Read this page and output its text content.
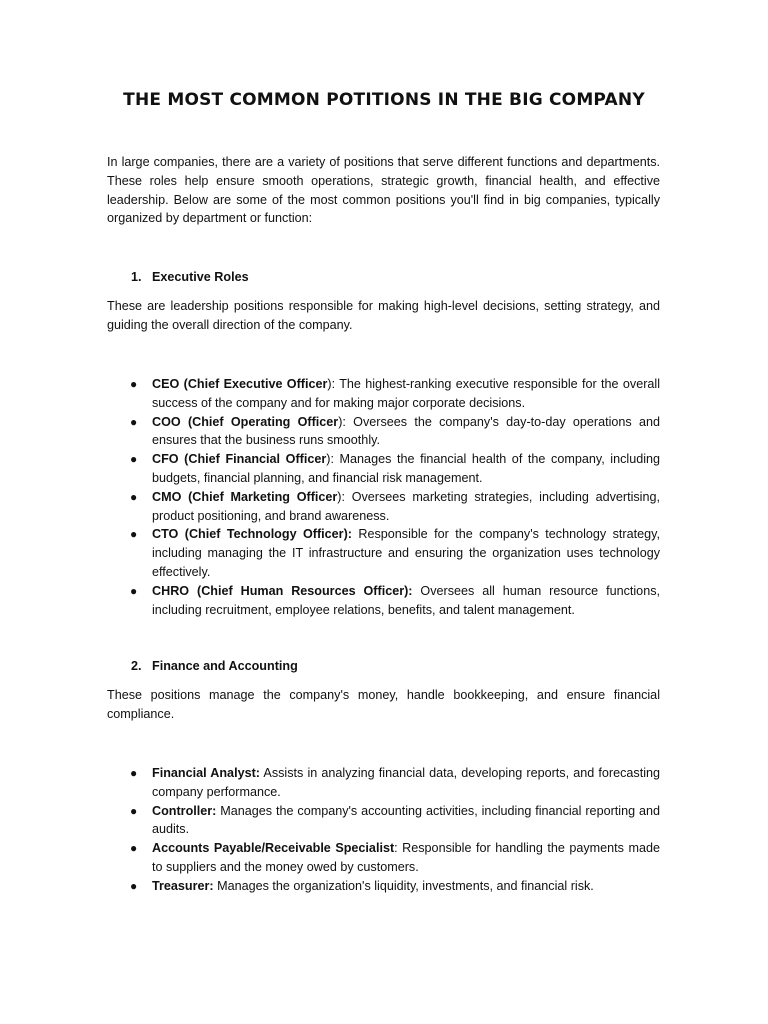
THE MOST COMMON POTITIONS IN THE BIG COMPANY

In large companies, there are a variety of positions that serve different functions and departments. These roles help ensure smooth operations, strategic growth, financial health, and effective leadership. Below are some of the most common positions you'll find in big companies, typically organized by department or function:

1. Executive Roles

These are leadership positions responsible for making high-level decisions, setting strategy, and guiding the overall direction of the company.

● CEO (Chief Executive Officer): The highest-ranking executive responsible for the overall success of the company and for making major corporate decisions.
● COO (Chief Operating Officer): Oversees the company's day-to-day operations and ensures that the business runs smoothly.
● CFO (Chief Financial Officer): Manages the financial health of the company, including budgets, financial planning, and financial risk management.
● CMO (Chief Marketing Officer): Oversees marketing strategies, including advertising, product positioning, and brand awareness.
● CTO (Chief Technology Officer): Responsible for the company's technology strategy, including managing the IT infrastructure and ensuring the organization uses technology effectively.
● CHRO (Chief Human Resources Officer): Oversees all human resource functions, including recruitment, employee relations, benefits, and talent management.
2. Finance and Accounting

These positions manage the company's money, handle bookkeeping, and ensure financial compliance.

● Financial Analyst: Assists in analyzing financial data, developing reports, and forecasting company performance.
● Controller: Manages the company's accounting activities, including financial reporting and audits.
● Accounts Payable/Receivable Specialist: Responsible for handling the payments made to suppliers and the money owed by customers.
● Treasurer: Manages the organization's liquidity, investments, and financial risk.
